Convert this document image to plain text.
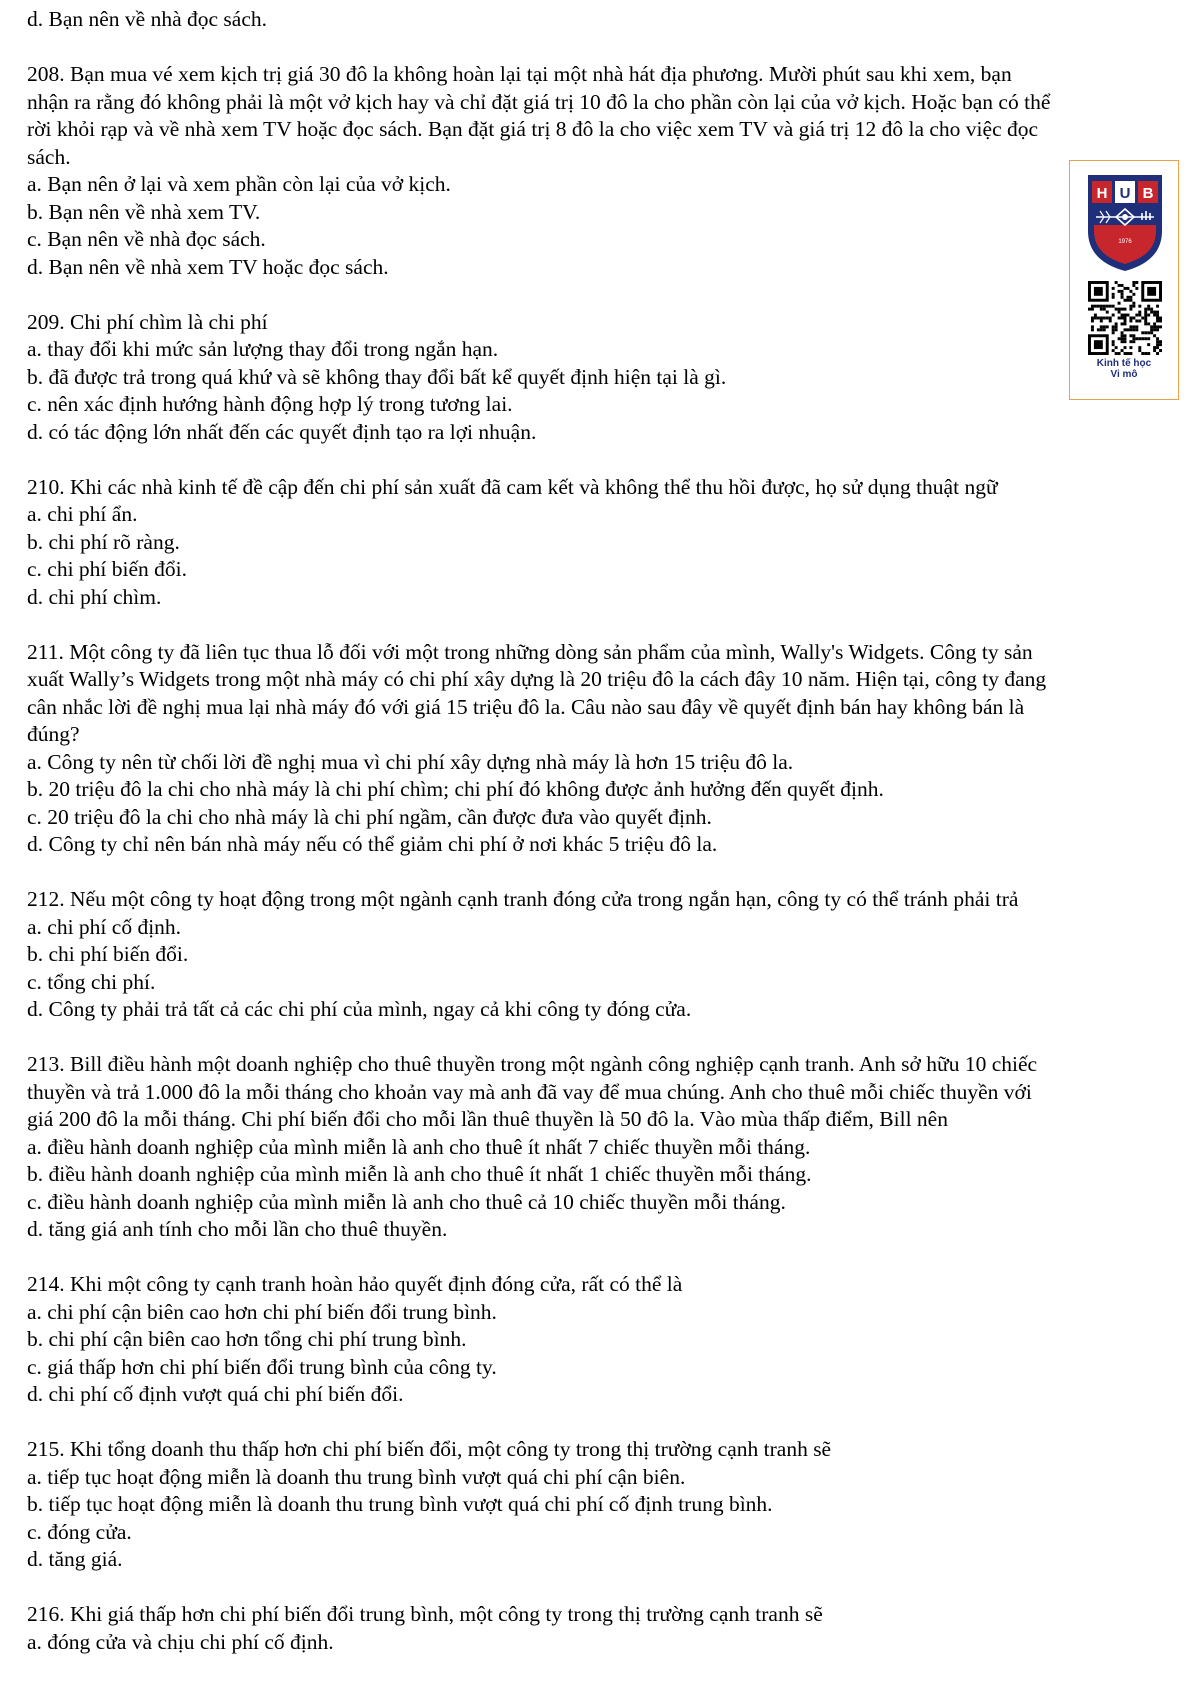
d. Bạn nên về nhà đọc sách.
208. Bạn mua vé xem kịch trị giá 30 đô la không hoàn lại tại một nhà hát địa phương. Mười phút sau khi xem, bạn
nhận ra rằng đó không phải là một vở kịch hay và chỉ đặt giá trị 10 đô la cho phần còn lại của vở kịch. Hoặc bạn có thể
rời khỏi rạp và về nhà xem TV hoặc đọc sách. Bạn đặt giá trị 8 đô la cho việc xem TV và giá trị 12 đô la cho việc đọc
sách.
a. Bạn nên ở lại và xem phần còn lại của vở kịch.
b. Bạn nên về nhà xem TV.
c. Bạn nên về nhà đọc sách.
d. Bạn nên về nhà xem TV hoặc đọc sách.
209. Chi phí chìm là chi phí
a. thay đổi khi mức sản lượng thay đổi trong ngắn hạn.
b. đã được trả trong quá khứ và sẽ không thay đổi bất kể quyết định hiện tại là gì.
c. nên xác định hướng hành động hợp lý trong tương lai.
d. có tác động lớn nhất đến các quyết định tạo ra lợi nhuận.
210. Khi các nhà kinh tế đề cập đến chi phí sản xuất đã cam kết và không thể thu hồi được, họ sử dụng thuật ngữ
a. chi phí ẩn.
b. chi phí rõ ràng.
c. chi phí biến đổi.
d. chi phí chìm.
211. Một công ty đã liên tục thua lỗ đối với một trong những dòng sản phẩm của mình, Wally's Widgets. Công ty sản
xuất Wally’s Widgets trong một nhà máy có chi phí xây dựng là 20 triệu đô la cách đây 10 năm. Hiện tại, công ty đang
cân nhắc lời đề nghị mua lại nhà máy đó với giá 15 triệu đô la. Câu nào sau đây về quyết định bán hay không bán là
đúng?
a. Công ty nên từ chối lời đề nghị mua vì chi phí xây dựng nhà máy là hơn 15 triệu đô la.
b. 20 triệu đô la chi cho nhà máy là chi phí chìm; chi phí đó không được ảnh hưởng đến quyết định.
c. 20 triệu đô la chi cho nhà máy là chi phí ngầm, cần được đưa vào quyết định.
d. Công ty chỉ nên bán nhà máy nếu có thể giảm chi phí ở nơi khác 5 triệu đô la.
212. Nếu một công ty hoạt động trong một ngành cạnh tranh đóng cửa trong ngắn hạn, công ty có thể tránh phải trả
a. chi phí cố định.
b. chi phí biến đổi.
c. tổng chi phí.
d. Công ty phải trả tất cả các chi phí của mình, ngay cả khi công ty đóng cửa.
213. Bill điều hành một doanh nghiệp cho thuê thuyền trong một ngành công nghiệp cạnh tranh. Anh sở hữu 10 chiếc
thuyền và trả 1.000 đô la mỗi tháng cho khoản vay mà anh đã vay để mua chúng. Anh cho thuê mỗi chiếc thuyền với
giá 200 đô la mỗi tháng. Chi phí biến đổi cho mỗi lần thuê thuyền là 50 đô la. Vào mùa thấp điểm, Bill nên
a. điều hành doanh nghiệp của mình miễn là anh cho thuê ít nhất 7 chiếc thuyền mỗi tháng.
b. điều hành doanh nghiệp của mình miễn là anh cho thuê ít nhất 1 chiếc thuyền mỗi tháng.
c. điều hành doanh nghiệp của mình miễn là anh cho thuê cả 10 chiếc thuyền mỗi tháng.
d. tăng giá anh tính cho mỗi lần cho thuê thuyền.
214. Khi một công ty cạnh tranh hoàn hảo quyết định đóng cửa, rất có thể là
a. chi phí cận biên cao hơn chi phí biến đổi trung bình.
b. chi phí cận biên cao hơn tổng chi phí trung bình.
c. giá thấp hơn chi phí biến đổi trung bình của công ty.
d. chi phí cố định vượt quá chi phí biến đổi.
215. Khi tổng doanh thu thấp hơn chi phí biến đổi, một công ty trong thị trường cạnh tranh sẽ
a. tiếp tục hoạt động miễn là doanh thu trung bình vượt quá chi phí cận biên.
b. tiếp tục hoạt động miễn là doanh thu trung bình vượt quá chi phí cố định trung bình.
c. đóng cửa.
d. tăng giá.
216. Khi giá thấp hơn chi phí biến đổi trung bình, một công ty trong thị trường cạnh tranh sẽ
a. đóng cửa và chịu chi phí cố định.
H U B
1976
Kinh tế học
Vi mô
